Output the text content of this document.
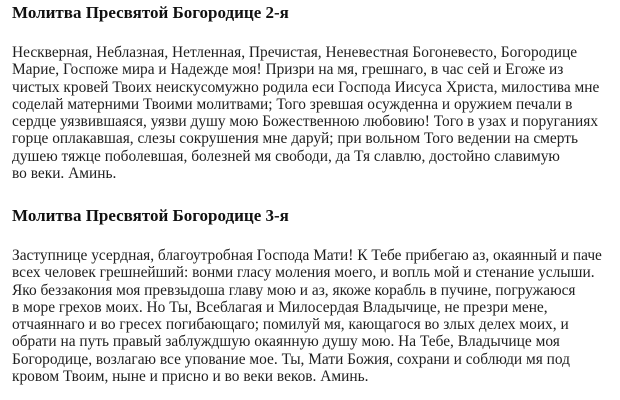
Молитва Пресвятой Богородице 2-я
Нескверная, Неблазная, Нетленная, Пречистая, Неневестная Богоневесто, Богородице
Марие, Госпоже мира и Надежде моя! Призри на мя, грешнаго, в час сей и Егоже из
чистых кровей Твоих неискусомужно родила еси Господа Иисуса Христа, милостива мне
соделай матерними Твоими молитвами; Того зревшая осужденна и оружием печали в
сердце уязвившаяся, уязви душу мою Божественною любовию! Того в узах и поруганиях
горце оплакавшая, слезы сокрушения мне даруй; при вольном Того ведении на смерть
душею тяжце поболевшая, болезней мя свободи, да Тя славлю, достойно славимую
во веки. Аминь.
Молитва Пресвятой Богородице 3-я
Заступнице усердная, благоутробная Господа Мати! К Тебе прибегаю аз, окаянный и паче
всех человек грешнейший: вонми гласу моления моего, и вопль мой и стенание услыши.
Яко беззакония моя превзыдоша главу мою и аз, якоже корабль в пучине, погружаюся
в море грехов моих. Но Ты, Всеблагая и Милосердая Владычице, не презри мене,
отчаяннаго и во гресех погибающаго; помилуй мя, кающагося во злых делех моих, и
обрати на путь правый заблуждшую окаянную душу мою. На Тебе, Владычице моя
Богородице, возлагаю все упование мое. Ты, Мати Божия, сохрани и соблюди мя под
кровом Твоим, ныне и присно и во веки веков. Аминь.
